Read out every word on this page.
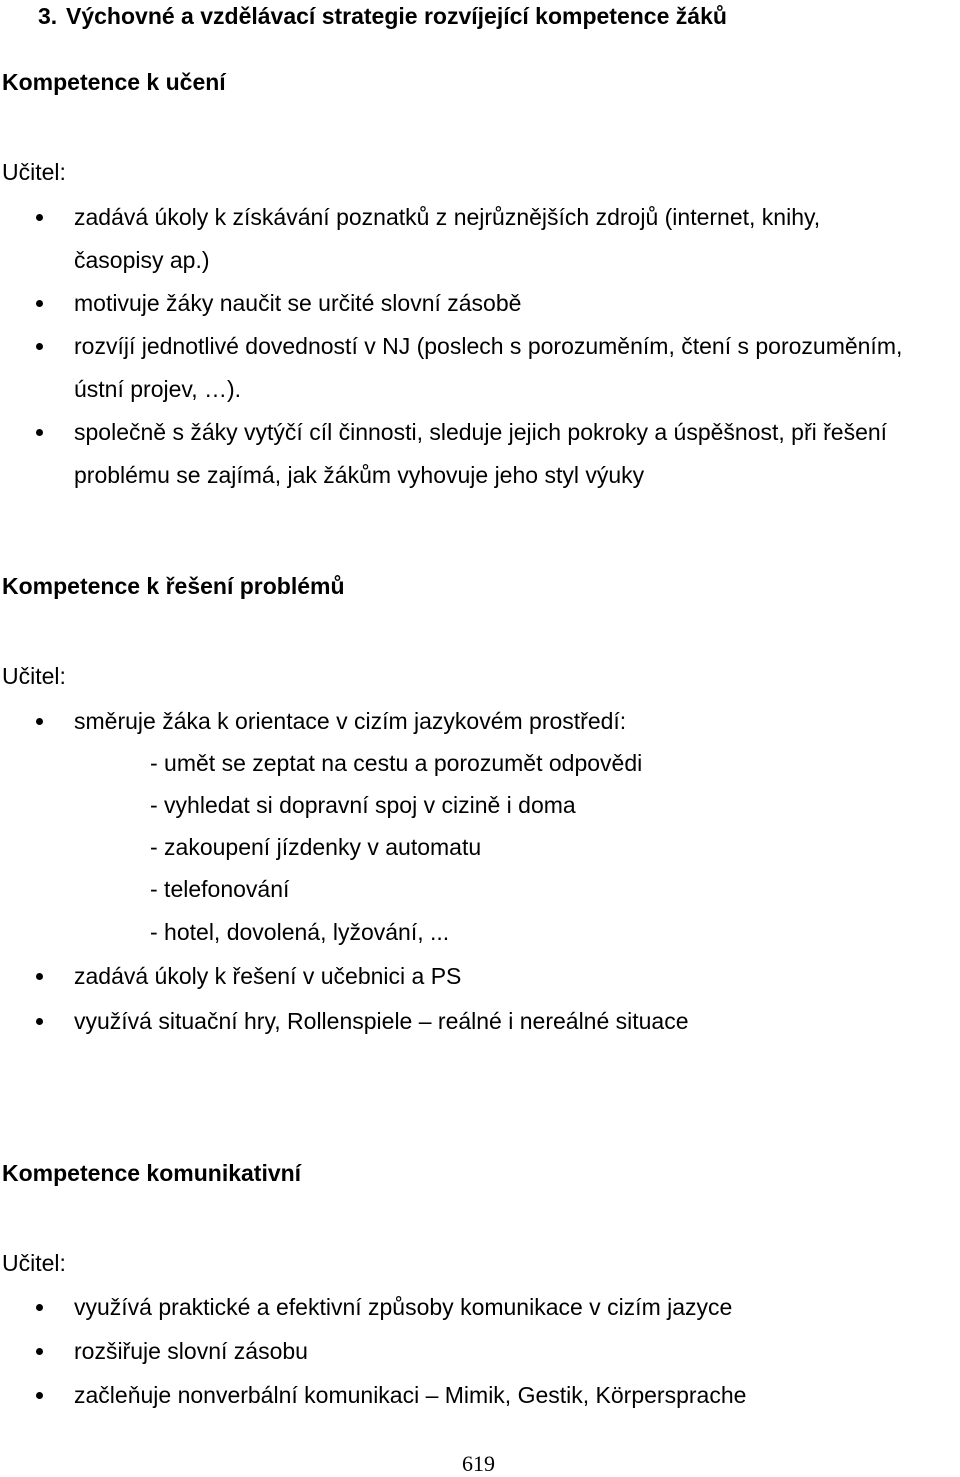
3. Výchovné a vzdělávací strategie rozvíjející kompetence žáků
Kompetence k učení
Učitel:
zadává úkoly k získávání poznatků z nejrůznějších zdrojů (internet, knihy,
časopisy ap.)
motivuje žáky naučit se určité slovní zásobě
rozvíjí jednotlivé dovedností v NJ (poslech s porozuměním, čtení s porozuměním,
ústní projev, …).
společně s žáky vytýčí cíl činnosti, sleduje jejich pokroky a úspěšnost, při řešení
problému se zajímá, jak žákům vyhovuje jeho styl výuky
Kompetence k řešení problémů
Učitel:
směruje žáka k orientace v cizím jazykovém prostředí:
- umět se zeptat na cestu a porozumět odpovědi
- vyhledat si dopravní spoj v cizině i doma
- zakoupení jízdenky v automatu
- telefonování
- hotel, dovolená, lyžování, ...
zadává úkoly k řešení v učebnici a PS
využívá situační hry, Rollenspiele – reálné i nereálné situace
Kompetence komunikativní
Učitel:
využívá praktické a efektivní způsoby komunikace v cizím jazyce
rozšiřuje slovní zásobu
začleňuje nonverbální komunikaci – Mimik, Gestik, Körpersprache
619
